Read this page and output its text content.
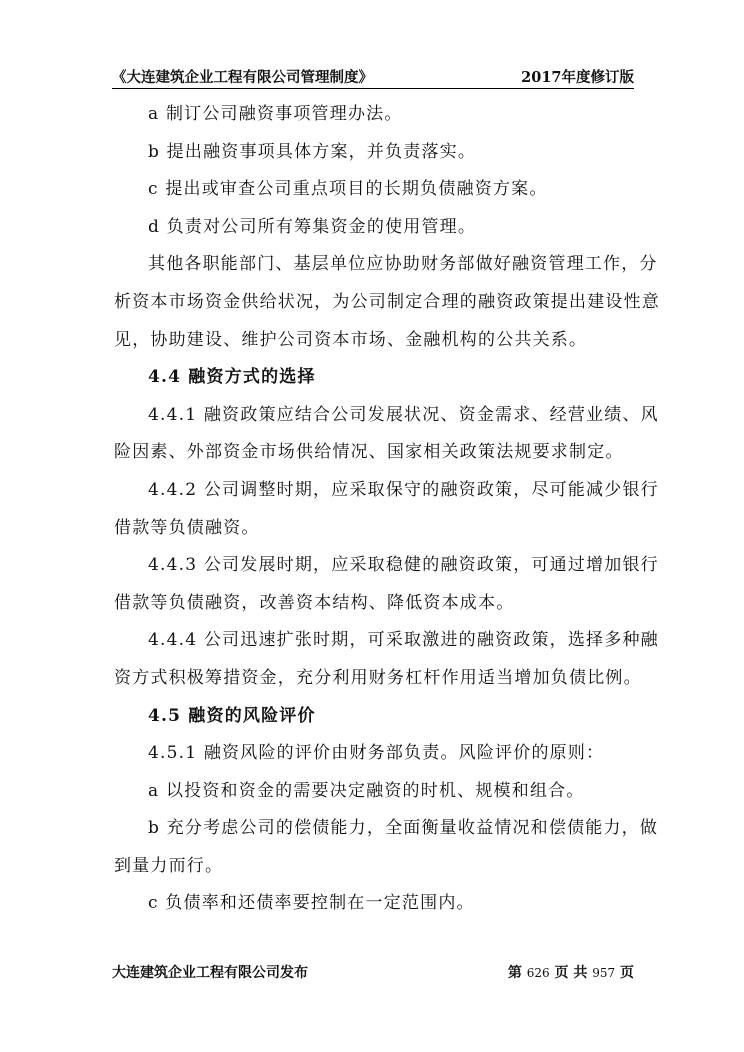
《大连建筑企业工程有限公司管理制度》	2017年度修订版
a 制订公司融资事项管理办法。
b 提出融资事项具体方案，并负责落实。
c 提出或审查公司重点项目的长期负债融资方案。
d 负责对公司所有筹集资金的使用管理。
其他各职能部门、基层单位应协助财务部做好融资管理工作，分
析资本市场资金供给状况，为公司制定合理的融资政策提出建设性意
见，协助建设、维护公司资本市场、金融机构的公共关系。
4.4 融资方式的选择
4.4.1 融资政策应结合公司发展状况、资金需求、经营业绩、风
险因素、外部资金市场供给情况、国家相关政策法规要求制定。
4.4.2 公司调整时期，应采取保守的融资政策，尽可能减少银行
借款等负债融资。
4.4.3 公司发展时期，应采取稳健的融资政策，可通过增加银行
借款等负债融资，改善资本结构、降低资本成本。
4.4.4 公司迅速扩张时期，可采取激进的融资政策，选择多种融
资方式积极筹措资金，充分利用财务杠杆作用适当增加负债比例。
4.5 融资的风险评价
4.5.1 融资风险的评价由财务部负责。风险评价的原则：
a 以投资和资金的需要决定融资的时机、规模和组合。
b 充分考虑公司的偿债能力，全面衡量收益情况和偿债能力，做
到量力而行。
c 负债率和还债率要控制在一定范围内。
大连建筑企业工程有限公司发布	第 626 页 共 957 页
